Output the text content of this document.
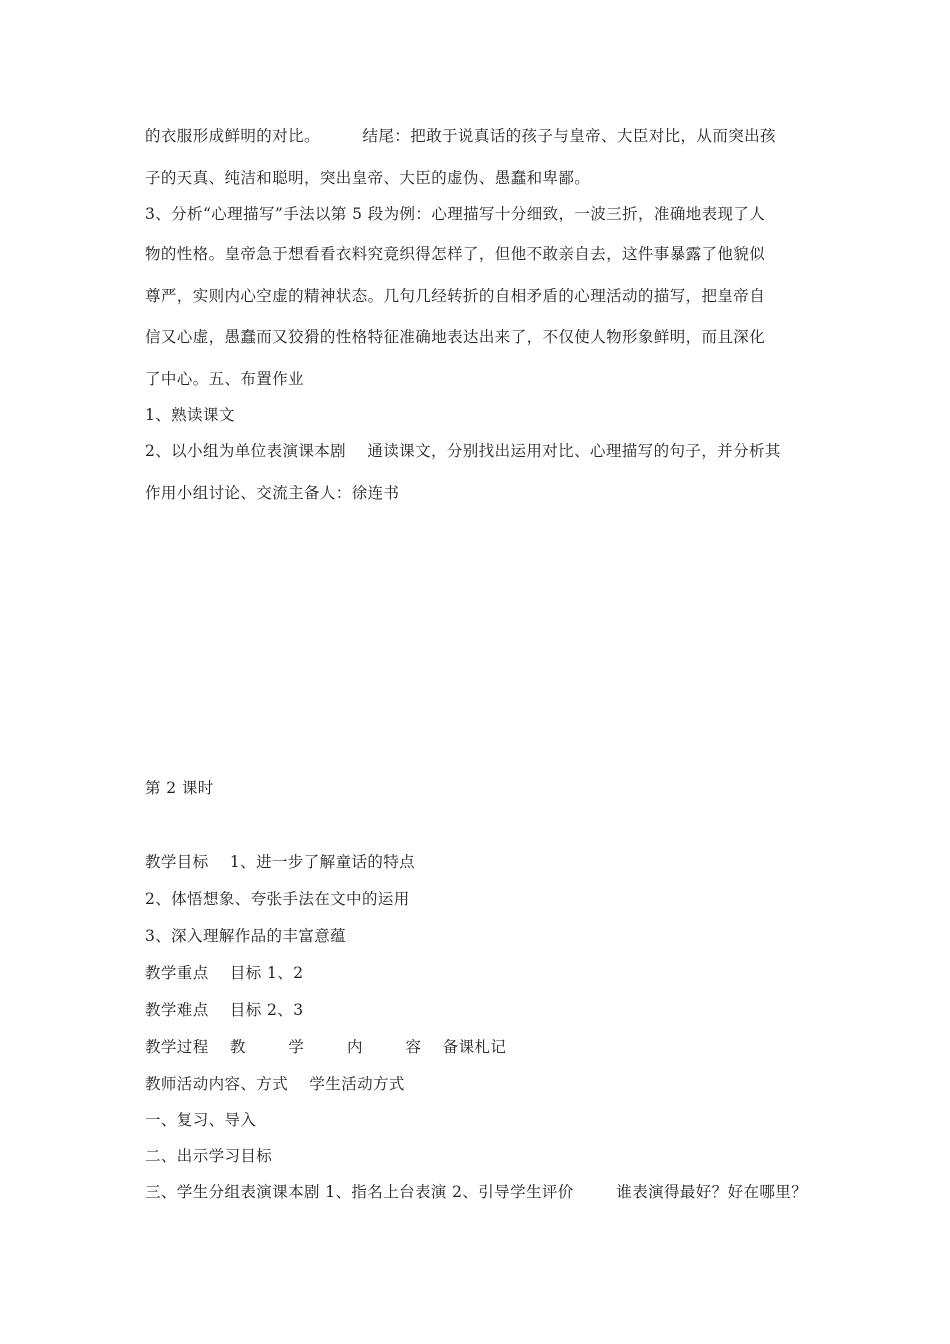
的衣服形成鲜明的对比。        结尾：把敢于说真话的孩子与皇帝、大臣对比，从而突出孩
子的天真、纯洁和聪明，突出皇帝、大臣的虚伪、愚蠢和卑鄙。
3、分析“心理描写”手法以第 5 段为例：心理描写十分细致，一波三折，准确地表现了人
物的性格。皇帝急于想看看衣料究竟织得怎样了，但他不敢亲自去，这件事暴露了他貌似
尊严，实则内心空虚的精神状态。几句几经转折的自相矛盾的心理活动的描写，把皇帝自
信又心虚，愚蠢而又狡猾的性格特征准确地表达出来了，不仅使人物形象鲜明，而且深化
了中心。五、布置作业
1、熟读课文
2、以小组为单位表演课本剧    通读课文，分别找出运用对比、心理描写的句子，并分析其
作用小组讨论、交流主备人：徐连书
第 2 课时
教学目标    1、进一步了解童话的特点
2、体悟想象、夸张手法在文中的运用
3、深入理解作品的丰富意蕴
教学重点    目标 1、2
教学难点    目标 2、3
教学过程    教        学        内        容    备课札记
教师活动内容、方式    学生活动方式
一、复习、导入
二、出示学习目标
三、学生分组表演课本剧 1、指名上台表演 2、引导学生评价        谁表演得最好？好在哪里？
